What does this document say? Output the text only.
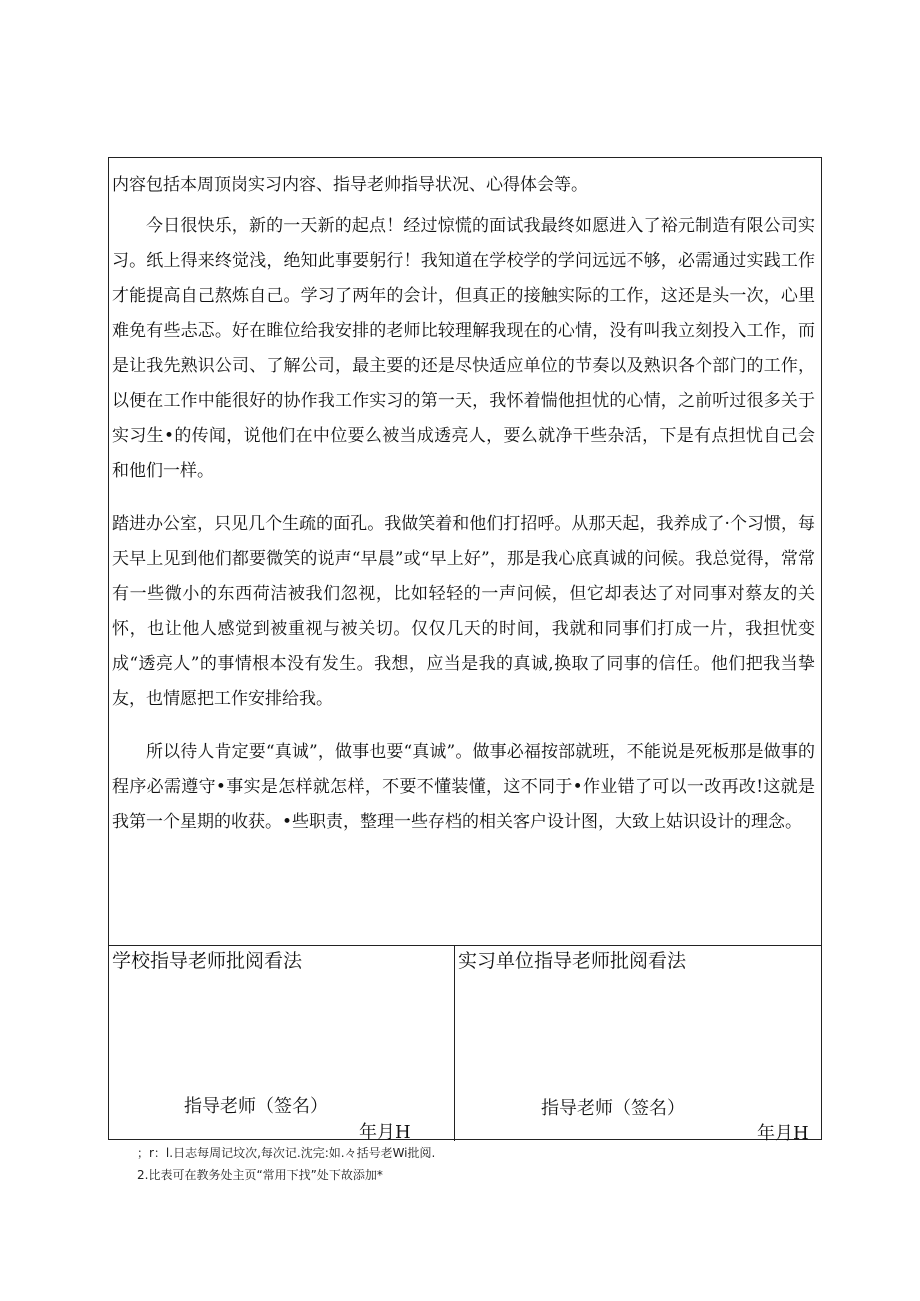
内容包括本周顶岗实习内容、指导老帅指导状况、心得体会等。

今日很快乐，新的一天新的起点！经过惊慌的面试我最终如愿进入了裕元制造有限公司实习。纸上得来终觉浅，绝知此事要躬行！我知道在学校学的学问远远不够，必需通过实践工作才能提高自己熬炼自己。学习了两年的会计，但真正的接触实际的工作，这还是头一次，心里难免有些忐忑。好在睢位给我安排的老师比较理解我现在的心情，没有叫我立刻投入工作，而是让我先熟识公司、了解公司，最主要的还是尽快适应单位的节奏以及熟识各个部门的工作，以便在工作中能很好的协作我工作实习的第一天，我怀着惴他担忧的心情，之前听过很多关于实习生•的传闻，说他们在中位要么被当成透亮人，要么就净干些杂活，下是有点担忧自己会和他们一样。

踏进办公室，只见几个生疏的面孔。我做笑着和他们打招呼。从那天起，我养成了·个习惯，每天早上见到他们都要微笑的说声“早晨”或“早上好”，那是我心底真诚的问候。我总觉得，常常有一些微小的东西荷洁被我们忽视，比如轻轻的一声问候，但它却表达了对同事对蔡友的关怀，也让他人感觉到被重视与被关切。仅仅几天的时间，我就和同事们打成一片，我担忧变成“透亮人”的事情根本没有发生。我想，应当是我的真诚,换取了同事的信任。他们把我当挚友，也情愿把工作安排给我。

所以待人肯定要“真诚”，做事也要“真诚”。做事必福按部就班，不能说是死板那是做事的程序必需遵守•事实是怎样就怎样，不要不懂装懂，这不同于•作业错了可以一改再改!这就是我第一个星期的收获。•些职责，整理一些存档的相关客户设计图，大致上姑识设计的理念。

学校指导老师批阅看法
指导老师（签名）
年月H
实习单位指导老师批阅看法
指导老师（签名）
年月H
；r：l.日志每周记坟次,每次记.沈完:如.々括号老Wi批阅.
2.比表可在教务处主页“常用下找”处下故添加*
